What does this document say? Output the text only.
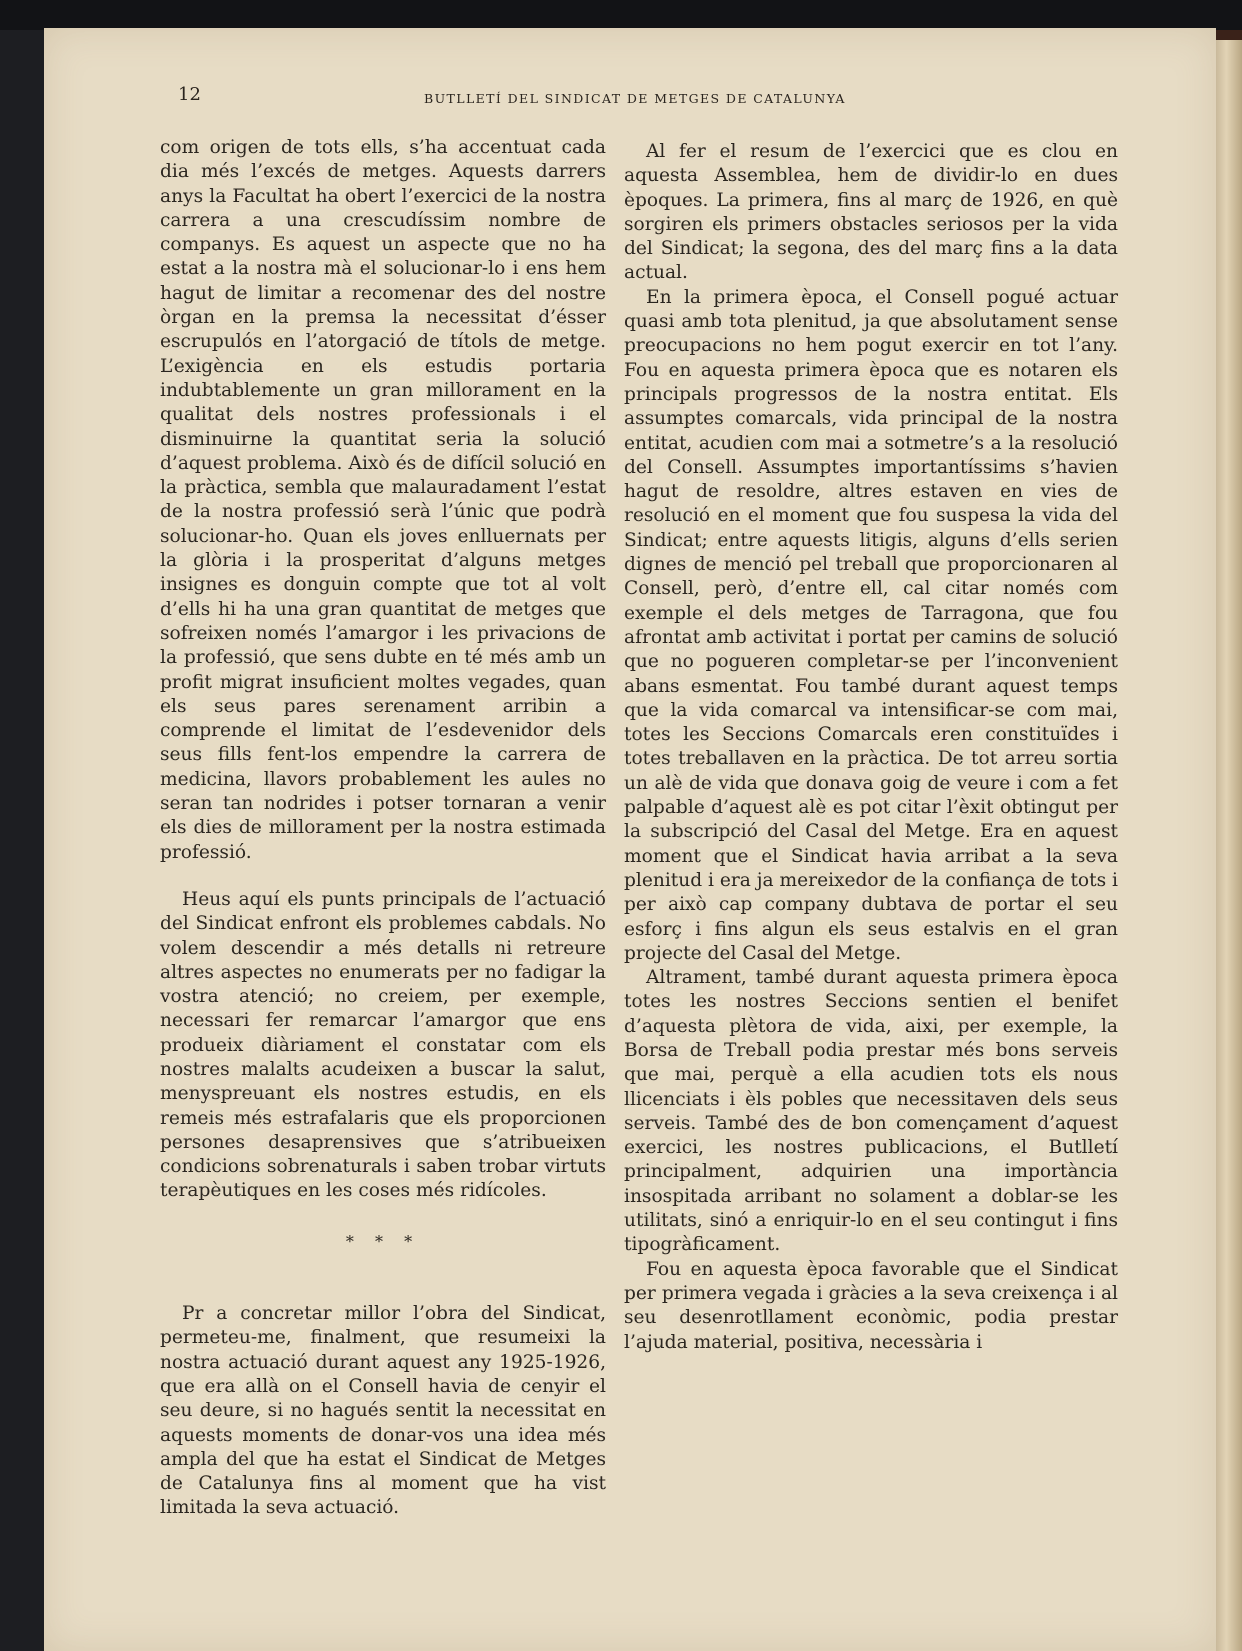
12	BUTLLETÍ DEL SINDICAT DE METGES DE CATALUNYA

com origen de tots ells, s’ha accentuat cada dia més l’excés de metges. Aquests darrers anys la Facultat ha obert l’exercici de la nostra carrera a una crescudíssim nombre de companys. Es aquest un aspecte que no ha estat a la nostra mà el solucionar-lo i ens hem hagut de limitar a recomenar des del nostre òrgan en la premsa la necessitat d’ésser escrupulós en l’atorgació de títols de metge. L’exigència en els estudis portaria indubtablemente un gran millorament en la qualitat dels nostres professionals i el disminuirne la quantitat seria la solució d’aquest problema. Això és de difícil solució en la pràctica, sembla que malauradament l’estat de la nostra professió serà l’únic que podrà solucionar-ho. Quan els joves enlluernats per la glòria i la prosperitat d’alguns metges insignes es donguin compte que tot al volt d’ells hi ha una gran quantitat de metges que sofreixen només l’amargor i les privacions de la professió, que sens dubte en té més amb un profit migrat insuficient moltes vegades, quan els seus pares serenament arribin a comprende el limitat de l’esdevenidor dels seus fills fent-los empendre la carrera de medicina, llavors probablement les aules no seran tan nodrides i potser tornaran a venir els dies de millorament per la nostra estimada professió.

Heus aquí els punts principals de l’actuació del Sindicat enfront els problemes cabdals. No volem descendir a més detalls ni retreure altres aspectes no enumerats per no fadigar la vostra atenció; no creiem, per exemple, necessari fer remarcar l’amargor que ens produeix diàriament el constatar com els nostres malalts acudeixen a buscar la salut, menyspreuant els nostres estudis, en els remeis més estrafalaris que els proporcionen persones desaprensives que s’atribueixen condicions sobrenaturals i saben trobar virtuts terapèutiques en les coses més ridícoles.

* * *

Pr a concretar millor l’obra del Sindicat, permeteu-me, finalment, que resumeixi la nostra actuació durant aquest any 1925-1926, que era allà on el Consell havia de cenyir el seu deure, si no hagués sentit la necessitat en aquests moments de donar-vos una idea més ampla del que ha estat el Sindicat de Metges de Catalunya fins al moment que ha vist limitada la seva actuació.

Al fer el resum de l’exercici que es clou en aquesta Assemblea, hem de dividir-lo en dues èpoques. La primera, fins al març de 1926, en què sorgiren els primers obstacles seriosos per la vida del Sindicat; la segona, des del març fins a la data actual.

En la primera època, el Consell pogué actuar quasi amb tota plenitud, ja que absolutament sense preocupacions no hem pogut exercir en tot l’any. Fou en aquesta primera època que es notaren els principals progressos de la nostra entitat. Els assumptes comarcals, vida principal de la nostra entitat, acudien com mai a sotmetre’s a la resolució del Consell. Assumptes importantíssims s’havien hagut de resoldre, altres estaven en vies de resolució en el moment que fou suspesa la vida del Sindicat; entre aquests litigis, alguns d’ells serien dignes de menció pel treball que proporcionaren al Consell, però, d’entre ell, cal citar només com exemple el dels metges de Tarragona, que fou afrontat amb activitat i portat per camins de solució que no pogueren completar-se per l’inconvenient abans esmentat. Fou també durant aquest temps que la vida comarcal va intensificar-se com mai, totes les Seccions Comarcals eren constituïdes i totes treballaven en la pràctica. De tot arreu sortia un alè de vida que donava goig de veure i com a fet palpable d’aquest alè es pot citar l’èxit obtingut per la subscripció del Casal del Metge. Era en aquest moment que el Sindicat havia arribat a la seva plenitud i era ja mereixedor de la confiança de tots i per això cap company dubtava de portar el seu esforç i fins algun els seus estalvis en el gran projecte del Casal del Metge.

Altrament, també durant aquesta primera època totes les nostres Seccions sentien el benifet d’aquesta plètora de vida, aixi, per exemple, la Borsa de Treball podia prestar més bons serveis que mai, perquè a ella acudien tots els nous llicenciats i èls pobles que necessitaven dels seus serveis. També des de bon començament d’aquest exercici, les nostres publicacions, el Butlletí principalment, adquirien una importància insospitada arribant no solament a doblar-se les utilitats, sinó a enriquir-lo en el seu contingut i fins tipogràficament.

Fou en aquesta època favorable que el Sindicat per primera vegada i gràcies a la seva creixença i al seu desenrotllament econòmic, podia prestar l’ajuda material, positiva, necessària i
